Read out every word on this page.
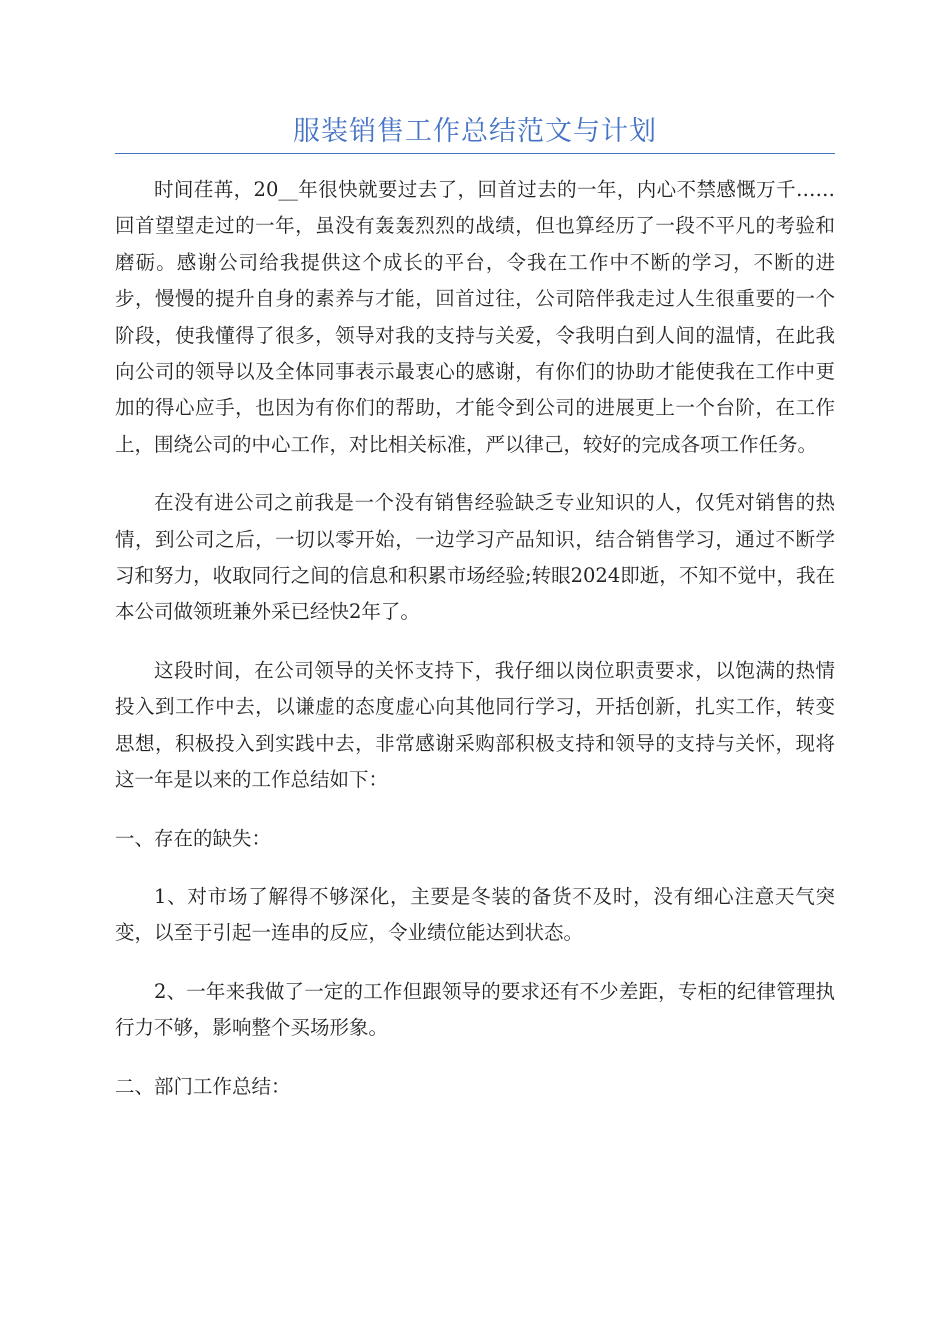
服装销售工作总结范文与计划

时间荏苒，20__年很快就要过去了，回首过去的一年，内心不禁感慨万千……回首望望走过的一年，虽没有轰轰烈烈的战绩，但也算经历了一段不平凡的考验和磨砺。感谢公司给我提供这个成长的平台，令我在工作中不断的学习，不断的进步，慢慢的提升自身的素养与才能，回首过往，公司陪伴我走过人生很重要的一个阶段，使我懂得了很多，领导对我的支持与关爱，令我明白到人间的温情，在此我向公司的领导以及全体同事表示最衷心的感谢，有你们的协助才能使我在工作中更加的得心应手，也因为有你们的帮助，才能令到公司的进展更上一个台阶，在工作上，围绕公司的中心工作，对比相关标准，严以律己，较好的完成各项工作任务。

在没有进公司之前我是一个没有销售经验缺乏专业知识的人，仅凭对销售的热情，到公司之后，一切以零开始，一边学习产品知识，结合销售学习，通过不断学习和努力，收取同行之间的信息和积累市场经验;转眼2024即逝，不知不觉中，我在本公司做领班兼外采已经快2年了。

这段时间，在公司领导的关怀支持下，我仔细以岗位职责要求，以饱满的热情投入到工作中去，以谦虚的态度虚心向其他同行学习，开括创新，扎实工作，转变思想，积极投入到实践中去，非常感谢采购部积极支持和领导的支持与关怀，现将这一年是以来的工作总结如下：

一、存在的缺失：

1、对市场了解得不够深化，主要是冬装的备货不及时，没有细心注意天气突变，以至于引起一连串的反应，令业绩位能达到状态。

2、一年来我做了一定的工作但跟领导的要求还有不少差距，专柜的纪律管理执行力不够，影响整个买场形象。

二、部门工作总结：
